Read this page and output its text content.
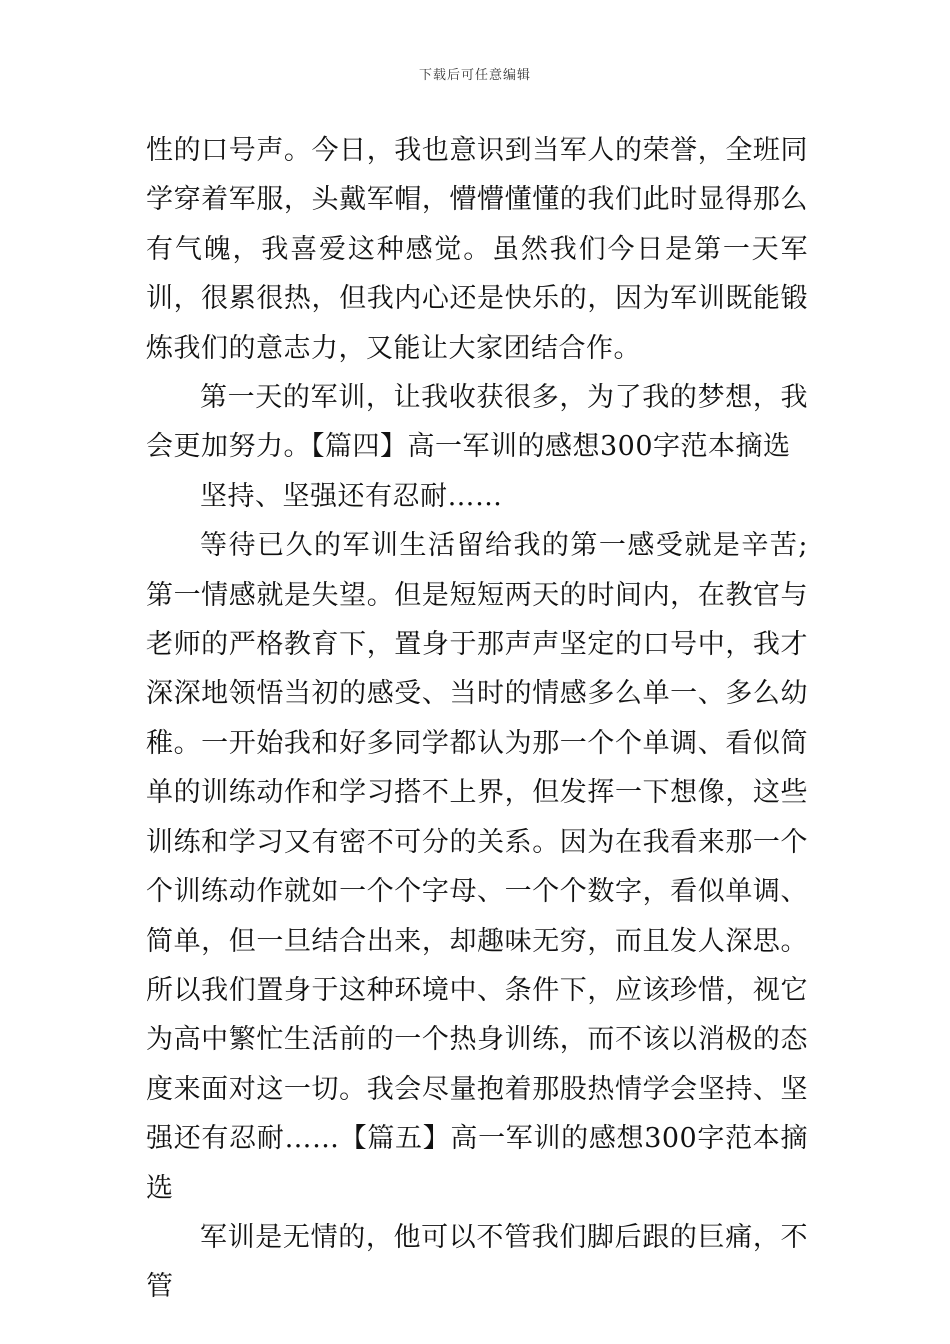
下载后可任意编辑

性的口号声。今日，我也意识到当军人的荣誉，全班同学穿着军服，头戴军帽，懵懵懂懂的我们此时显得那么有气魄，我喜爱这种感觉。虽然我们今日是第一天军训，很累很热，但我内心还是快乐的，因为军训既能锻炼我们的意志力，又能让大家团结合作。

第一天的军训，让我收获很多，为了我的梦想，我会更加努力。【篇四】高一军训的感想300字范本摘选

坚持、坚强还有忍耐……

等待已久的军训生活留给我的第一感受就是辛苦;第一情感就是失望。但是短短两天的时间内，在教官与老师的严格教育下，置身于那声声坚定的口号中，我才深深地领悟当初的感受、当时的情感多么单一、多么幼稚。一开始我和好多同学都认为那一个个单调、看似简单的训练动作和学习搭不上界，但发挥一下想像，这些训练和学习又有密不可分的关系。因为在我看来那一个个训练动作就如一个个字母、一个个数字，看似单调、简单，但一旦结合出来，却趣味无穷，而且发人深思。所以我们置身于这种环境中、条件下，应该珍惜，视它为高中繁忙生活前的一个热身训练，而不该以消极的态度来面对这一切。我会尽量抱着那股热情学会坚持、坚强还有忍耐……【篇五】高一军训的感想300字范本摘选

军训是无情的，他可以不管我们脚后跟的巨痛，不管
